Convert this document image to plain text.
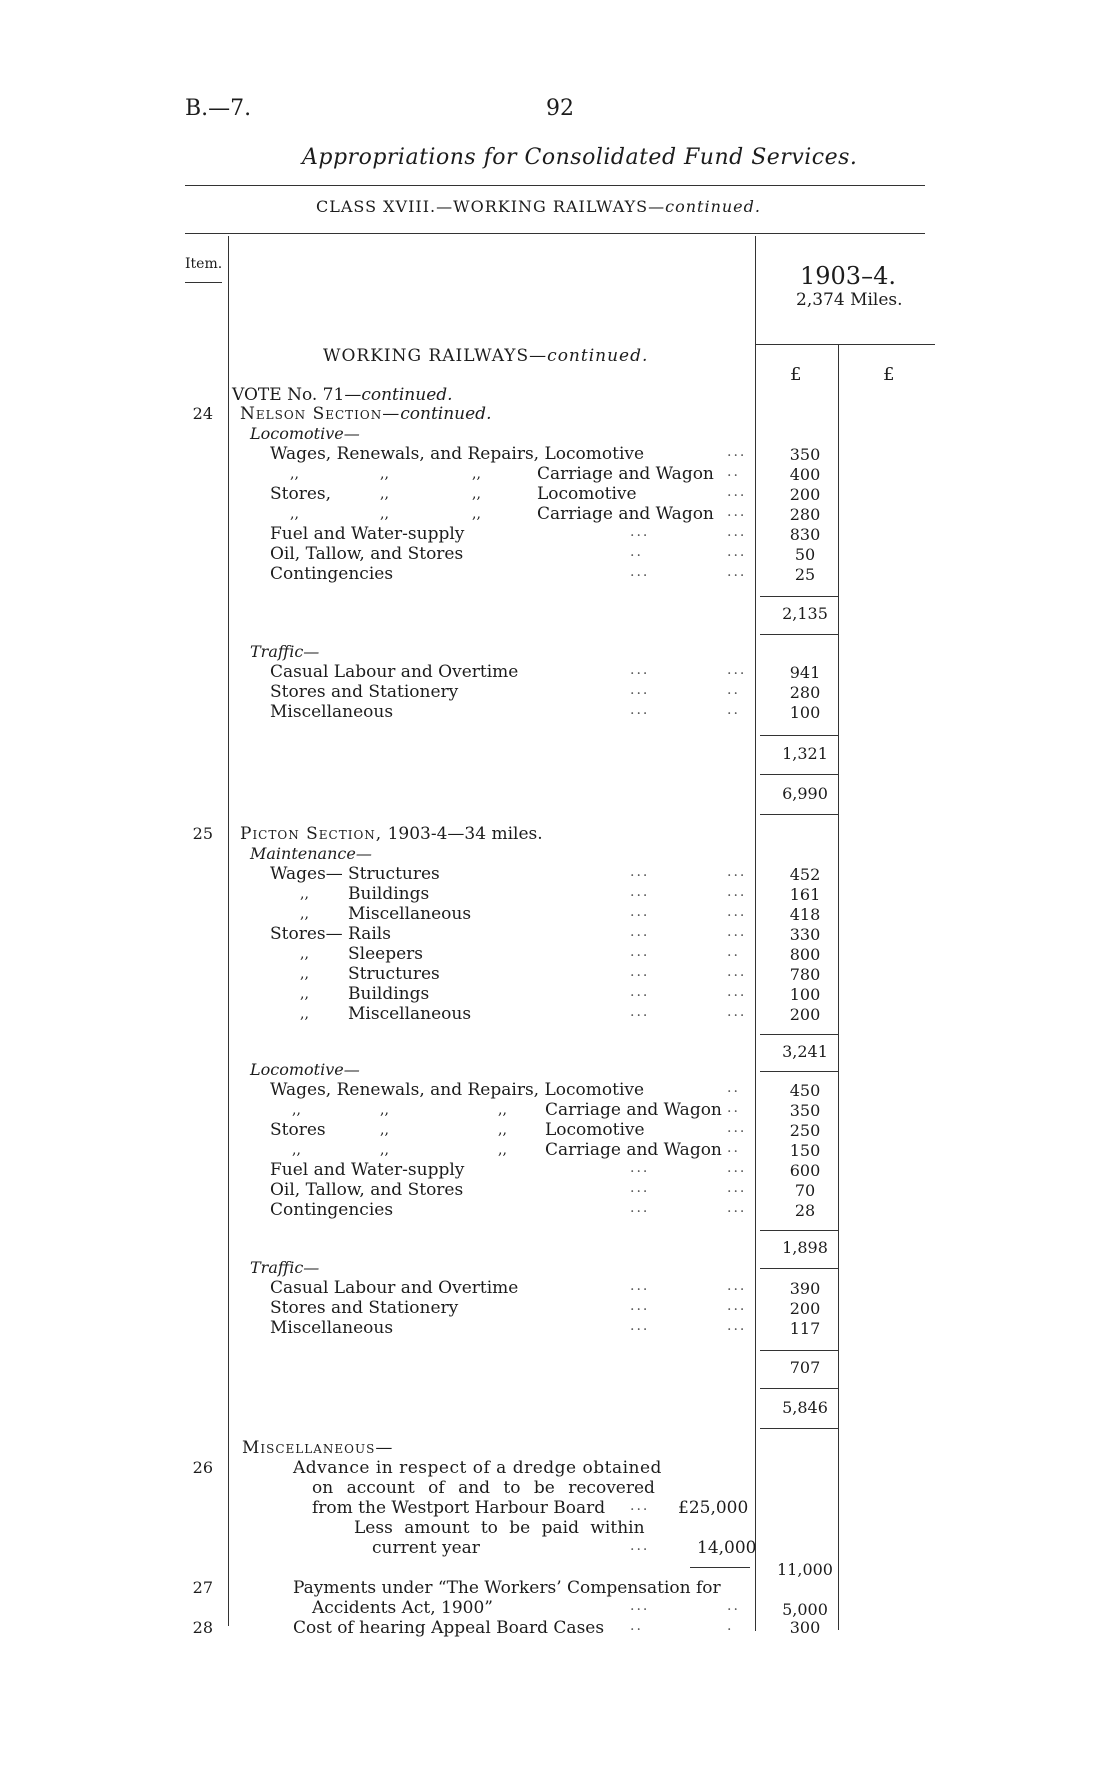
B.—7.	92
Appropriations for Consolidated Fund Services.
CLASS XVIII.—WORKING RAILWAYS—continued.
Item.	1903–4.
2,374 Miles.
£	£
WORKING RAILWAYS—continued.
VOTE No. 71—continued.
24 Nelson Section—continued.
Locomotive—
Wages, Renewals, and Repairs, Locomotive	...	350
,,	,,	,,	Carriage and Wagon ..	400
Stores,	,,	,,	Locomotive	...	200
,,	,,	,,	Carriage and Wagon ...	280
Fuel and Water-supply	...	...	830
Oil, Tallow, and Stores	..	...	50
Contingencies	...	...	25
2,135
Traffic—
Casual Labour and Overtime	...	...	941
Stores and Stationery	...	..	280
Miscellaneous	...	..	100
1,321
6,990
25 Picton Section, 1903-4—34 miles.
Maintenance—
Wages— Structures	...	...	452
,, Buildings	...	...	161
,, Miscellaneous	...	...	418
Stores— Rails	...	...	330
,, Sleepers	...	..	800
,, Structures	...	...	780
,, Buildings	...	...	100
,, Miscellaneous	...	...	200
3,241
Locomotive—
Wages, Renewals, and Repairs, Locomotive	..	450
,,	,,	,, Carriage and Wagon ..	350
Stores	,,	,, Locomotive	...	250
,,	,,	,, Carriage and Wagon ..	150
Fuel and Water-supply	...	...	600
Oil, Tallow, and Stores	...	...	70
Contingencies	...	...	28
1,898
Traffic—
Casual Labour and Overtime	...	...	390
Stores and Stationery	...	...	200
Miscellaneous	...	...	117
707
5,846
Miscellaneous—
26	Advance in respect of a dredge obtained
on account of and to be recovered
from the Westport Harbour Board ... £25,000
Less amount to be paid within
current year	...	14,000
11,000
27	Payments under “The Workers’ Compensation for
Accidents Act, 1900”	...	..	5,000
28	Cost of hearing Appeal Board Cases ..	.	300
